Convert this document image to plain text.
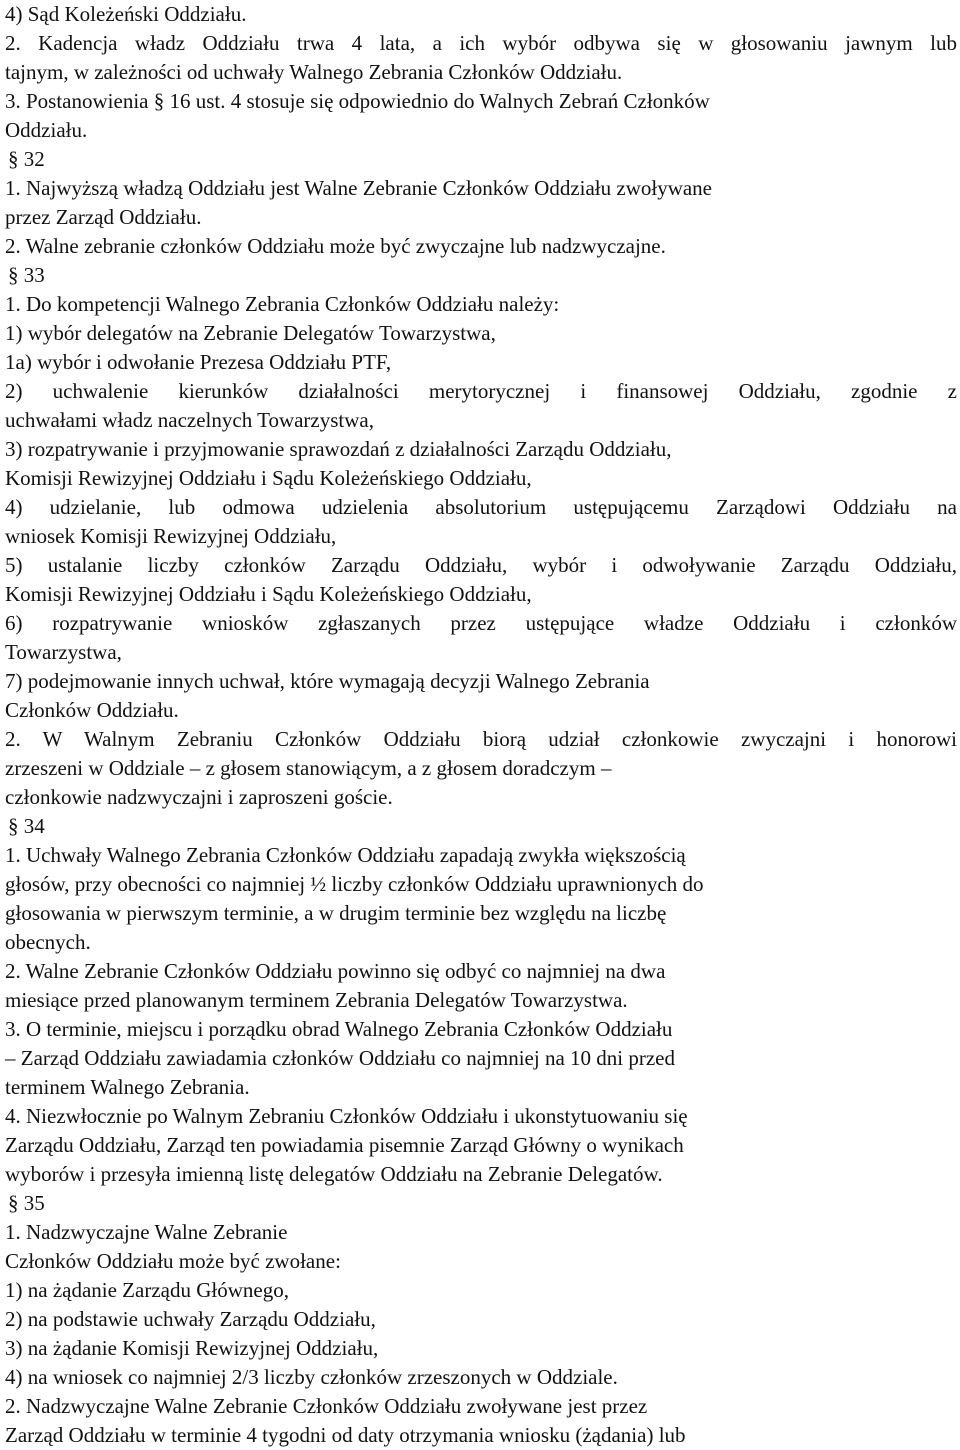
4) Sąd Koleżeński Oddziału.
2. Kadencja władz Oddziału trwa 4 lata, a ich wybór odbywa się w głosowaniu jawnym lub
tajnym, w zależności od uchwały Walnego Zebrania Członków Oddziału.
3. Postanowienia § 16 ust. 4 stosuje się odpowiednio do Walnych Zebrań Członków
Oddziału.
§ 32
1. Najwyższą władzą Oddziału jest Walne Zebranie Członków Oddziału zwoływane
przez Zarząd Oddziału.
2. Walne zebranie członków Oddziału może być zwyczajne lub nadzwyczajne.
§ 33
1. Do kompetencji Walnego Zebrania Członków Oddziału należy:
1) wybór delegatów na Zebranie Delegatów Towarzystwa,
1a) wybór i odwołanie Prezesa Oddziału PTF,
2) uchwalenie kierunków działalności merytorycznej i finansowej Oddziału, zgodnie z
uchwałami władz naczelnych Towarzystwa,
3) rozpatrywanie i przyjmowanie sprawozdań z działalności Zarządu Oddziału,
Komisji Rewizyjnej Oddziału i Sądu Koleżeńskiego Oddziału,
4) udzielanie, lub odmowa udzielenia absolutorium ustępującemu Zarządowi Oddziału na
wniosek Komisji Rewizyjnej Oddziału,
5) ustalanie liczby członków Zarządu Oddziału, wybór i odwoływanie Zarządu Oddziału,
Komisji Rewizyjnej Oddziału i Sądu Koleżeńskiego Oddziału,
6) rozpatrywanie wniosków zgłaszanych przez ustępujące władze Oddziału i członków
Towarzystwa,
7) podejmowanie innych uchwał, które wymagają decyzji Walnego Zebrania
Członków Oddziału.
2. W Walnym Zebraniu Członków Oddziału biorą udział członkowie zwyczajni i honorowi
zrzeszeni w Oddziale – z głosem stanowiącym, a z głosem doradczym –
członkowie nadzwyczajni i zaproszeni goście.
§ 34
1. Uchwały Walnego Zebrania Członków Oddziału zapadają zwykła większością
głosów, przy obecności co najmniej ½ liczby członków Oddziału uprawnionych do
głosowania w pierwszym terminie, a w drugim terminie bez względu na liczbę
obecnych.
2. Walne Zebranie Członków Oddziału powinno się odbyć co najmniej na dwa
miesiące przed planowanym terminem Zebrania Delegatów Towarzystwa.
3. O terminie, miejscu i porządku obrad Walnego Zebrania Członków Oddziału
– Zarząd Oddziału zawiadamia członków Oddziału co najmniej na 10 dni przed
terminem Walnego Zebrania.
4. Niezwłocznie po Walnym Zebraniu Członków Oddziału i ukonstytuowaniu się
Zarządu Oddziału, Zarząd ten powiadamia pisemnie Zarząd Główny o wynikach
wyborów i przesyła imienną listę delegatów Oddziału na Zebranie Delegatów.
§ 35
1. Nadzwyczajne Walne Zebranie
Członków Oddziału może być zwołane:
1) na żądanie Zarządu Głównego,
2) na podstawie uchwały Zarządu Oddziału,
3) na żądanie Komisji Rewizyjnej Oddziału,
4) na wniosek co najmniej 2/3 liczby członków zrzeszonych w Oddziale.
2. Nadzwyczajne Walne Zebranie Członków Oddziału zwoływane jest przez
Zarząd Oddziału w terminie 4 tygodni od daty otrzymania wniosku (żądania) lub
